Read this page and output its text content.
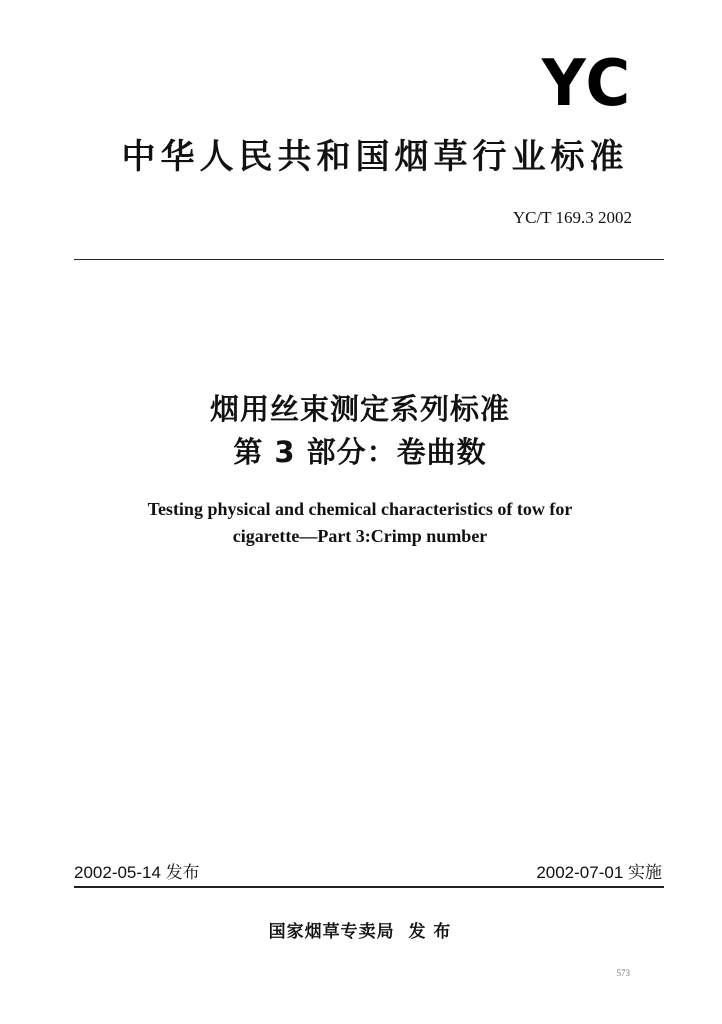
YC
中华人民共和国烟草行业标准
YC/T 169.3 2002
烟用丝束测定系列标准
第 3 部分：卷曲数
Testing physical and chemical characteristics of tow for
cigarette—Part 3:Crimp number
2002-05-14 发布	2002-07-01 实施
国家烟草专卖局  发 布
573
